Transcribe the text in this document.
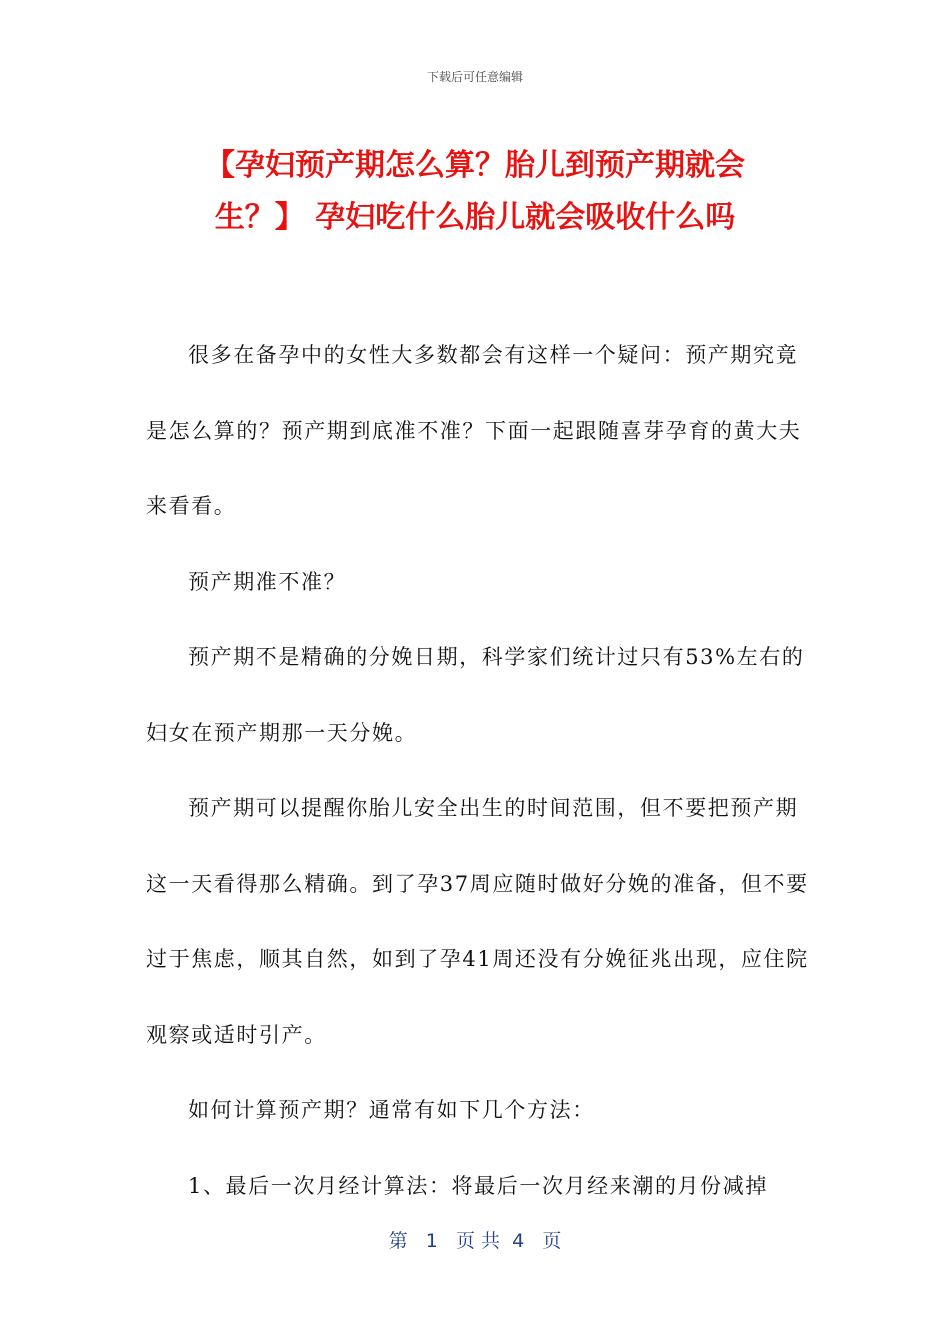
下载后可任意编辑
【孕妇预产期怎么算？胎儿到预产期就会
生？】 孕妇吃什么胎儿就会吸收什么吗

很多在备孕中的女性大多数都会有这样一个疑问：预产期究竟是怎么算的？预产期到底准不准？下面一起跟随喜芽孕育的黄大夫来看看。

预产期准不准？

预产期不是精确的分娩日期，科学家们统计过只有53%左右的妇女在预产期那一天分娩。

预产期可以提醒你胎儿安全出生的时间范围，但不要把预产期这一天看得那么精确。到了孕37周应随时做好分娩的准备，但不要过于焦虑，顺其自然，如到了孕41周还没有分娩征兆出现，应住院观察或适时引产。

如何计算预产期？通常有如下几个方法：

1、最后一次月经计算法：将最后一次月经来潮的月份减掉

第   1   页 共  4   页
